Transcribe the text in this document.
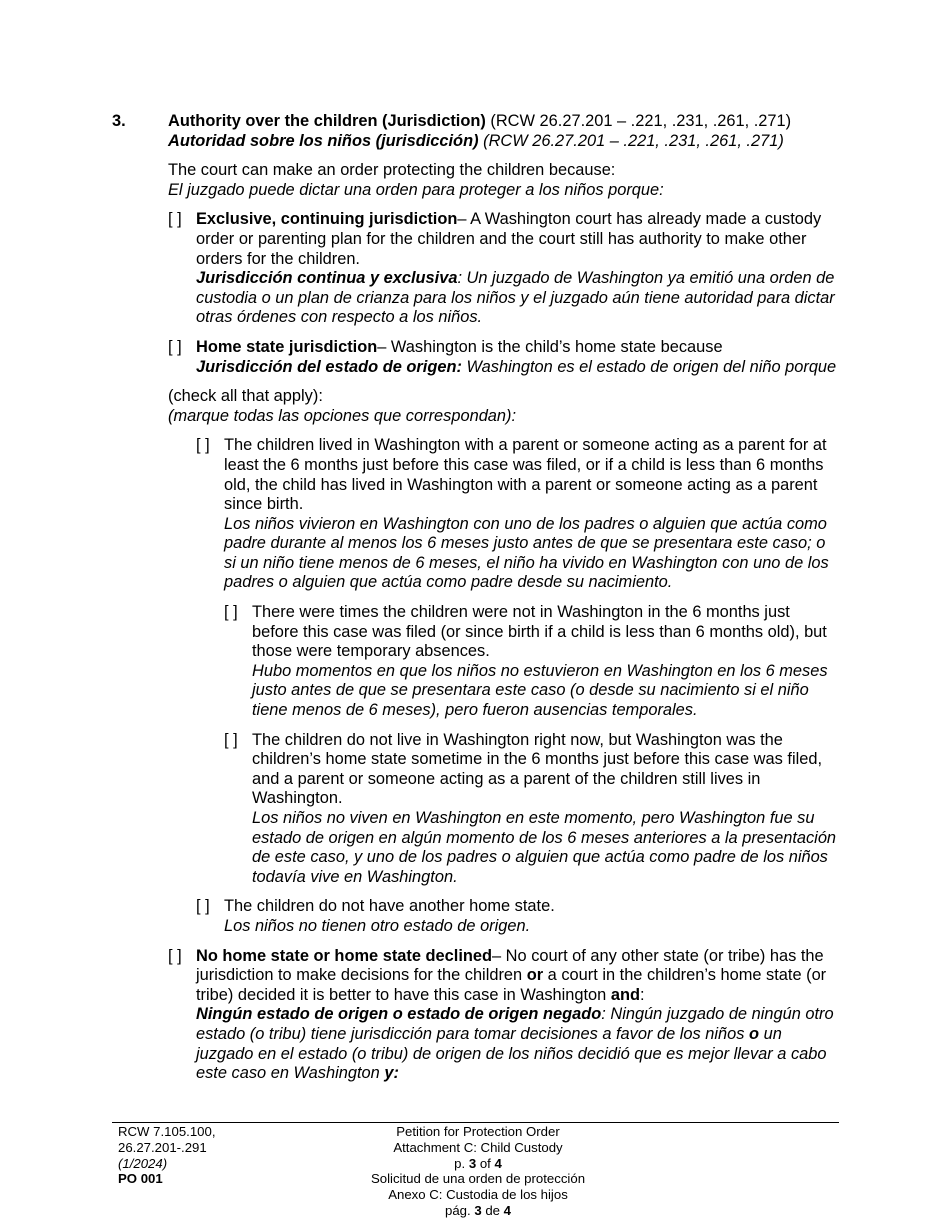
3.	Authority over the children (Jurisdiction) (RCW 26.27.201 – .221, .231, .261, .271)

Autoridad sobre los niños (jurisdicción) (RCW 26.27.201 – .221, .231, .261, .271)

The court can make an order protecting the children because:

El juzgado puede dictar una orden para proteger a los niños porque:

[ ] Exclusive, continuing jurisdiction– A Washington court has already made a custody order or parenting plan for the children and the court still has authority to make other orders for the children.

Jurisdicción continua y exclusiva: Un juzgado de Washington ya emitió una orden de custodia o un plan de crianza para los niños y el juzgado aún tiene autoridad para dictar otras órdenes con respecto a los niños.

[ ] Home state jurisdiction– Washington is the child’s home state because

Jurisdicción del estado de origen: Washington es el estado de origen del niño porque

(check all that apply):

(marque todas las opciones que correspondan):

[ ] The children lived in Washington with a parent or someone acting as a parent for at least the 6 months just before this case was filed, or if a child is less than 6 months old, the child has lived in Washington with a parent or someone acting as a parent since birth.

Los niños vivieron en Washington con uno de los padres o alguien que actúa como padre durante al menos los 6 meses justo antes de que se presentara este caso; o si un niño tiene menos de 6 meses, el niño ha vivido en Washington con uno de los padres o alguien que actúa como padre desde su nacimiento.

[ ] There were times the children were not in Washington in the 6 months just before this case was filed (or since birth if a child is less than 6 months old), but those were temporary absences.

Hubo momentos en que los niños no estuvieron en Washington en los 6 meses justo antes de que se presentara este caso (o desde su nacimiento si el niño tiene menos de 6 meses), pero fueron ausencias temporales.

[ ] The children do not live in Washington right now, but Washington was the children’s home state sometime in the 6 months just before this case was filed, and a parent or someone acting as a parent of the children still lives in Washington.

Los niños no viven en Washington en este momento, pero Washington fue su estado de origen en algún momento de los 6 meses anteriores a la presentación de este caso, y uno de los padres o alguien que actúa como padre de los niños todavía vive en Washington.

[ ] The children do not have another home state.

Los niños no tienen otro estado de origen.

[ ] No home state or home state declined– No court of any other state (or tribe) has the jurisdiction to make decisions for the children or a court in the children’s home state (or tribe) decided it is better to have this case in Washington and:

Ningún estado de origen o estado de origen negado: Ningún juzgado de ningún otro estado (o tribu) tiene jurisdicción para tomar decisiones a favor de los niños o un juzgado en el estado (o tribu) de origen de los niños decidió que es mejor llevar a cabo este caso en Washington y:

RCW 7.105.100,
26.27.201-.291
(1/2024)
PO 001
Petition for Protection Order
Attachment C: Child Custody
p. 3 of 4
Solicitud de una orden de protección
Anexo C: Custodia de los hijos
pág. 3 de 4
